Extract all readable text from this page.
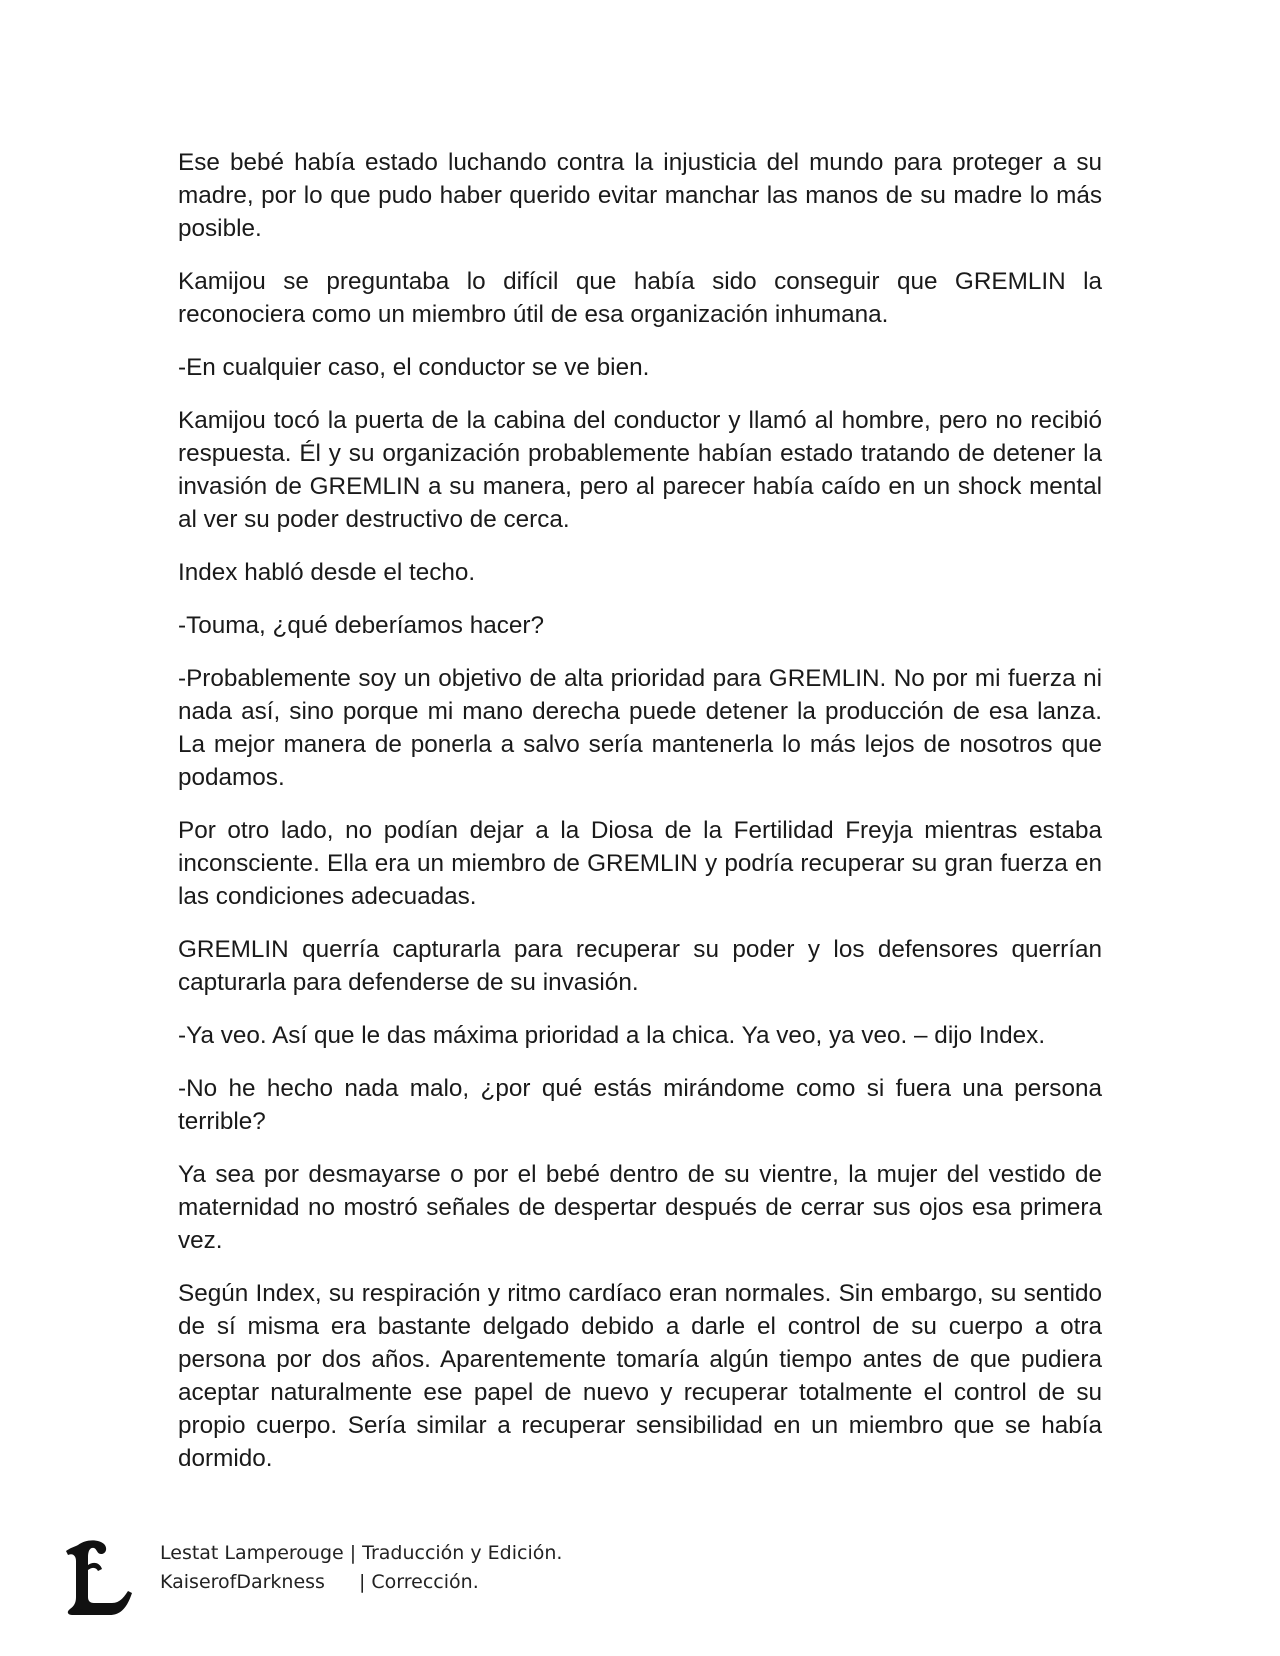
Ese bebé había estado luchando contra la injusticia del mundo para proteger a su madre, por lo que pudo haber querido evitar manchar las manos de su madre lo más posible.

Kamijou se preguntaba lo difícil que había sido conseguir que GREMLIN la reconociera como un miembro útil de esa organización inhumana.

-En cualquier caso, el conductor se ve bien.

Kamijou tocó la puerta de la cabina del conductor y llamó al hombre, pero no recibió respuesta. Él y su organización probablemente habían estado tratando de detener la invasión de GREMLIN a su manera, pero al parecer había caído en un shock mental al ver su poder destructivo de cerca.

Index habló desde el techo.

-Touma, ¿qué deberíamos hacer?

-Probablemente soy un objetivo de alta prioridad para GREMLIN. No por mi fuerza ni nada así, sino porque mi mano derecha puede detener la producción de esa lanza. La mejor manera de ponerla a salvo sería mantenerla lo más lejos de nosotros que podamos.

Por otro lado, no podían dejar a la Diosa de la Fertilidad Freyja mientras estaba inconsciente. Ella era un miembro de GREMLIN y podría recuperar su gran fuerza en las condiciones adecuadas.

GREMLIN querría capturarla para recuperar su poder y los defensores querrían capturarla para defenderse de su invasión.

-Ya veo. Así que le das máxima prioridad a la chica. Ya veo, ya veo. – dijo Index.

-No he hecho nada malo, ¿por qué estás mirándome como si fuera una persona terrible?

Ya sea por desmayarse o por el bebé dentro de su vientre, la mujer del vestido de maternidad no mostró señales de despertar después de cerrar sus ojos esa primera vez.

Según Index, su respiración y ritmo cardíaco eran normales. Sin embargo, su sentido de sí misma era bastante delgado debido a darle el control de su cuerpo a otra persona por dos años. Aparentemente tomaría algún tiempo antes de que pudiera aceptar naturalmente ese papel de nuevo y recuperar totalmente el control de su propio cuerpo. Sería similar a recuperar sensibilidad en un miembro que se había dormido.

Lestat Lamperouge | Traducción y Edición.
KaiserofDarkness	| Corrección.
